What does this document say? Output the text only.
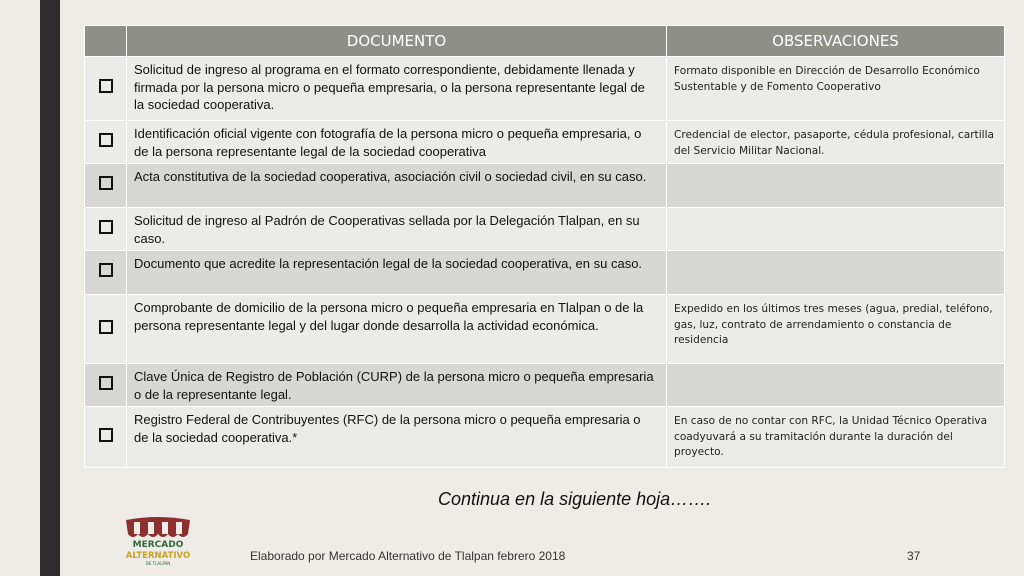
	DOCUMENTO	OBSERVACIONES
	Solicitud de ingreso al programa en el formato correspondiente, debidamente llenada y firmada por la persona micro o pequeña empresaria, o la persona representante legal de la sociedad cooperativa.	Formato disponible en Dirección de Desarrollo Económico Sustentable y de Fomento Cooperativo
	Identificación oficial vigente con fotografía de la persona micro o pequeña empresaria, o de la persona representante legal de la sociedad cooperativa	Credencial de elector, pasaporte, cédula profesional, cartilla del Servicio Militar Nacional.
	Acta constitutiva de la sociedad cooperativa, asociación civil o sociedad civil, en su caso.	
	Solicitud de ingreso al Padrón de Cooperativas sellada por la Delegación Tlalpan, en su caso.	
	Documento que acredite la representación legal de la sociedad cooperativa, en su caso.	
	Comprobante de domicilio de la persona micro o pequeña empresaria en Tlalpan o de la persona representante legal y del lugar donde desarrolla la actividad económica.	Expedido en los últimos tres meses (agua, predial, teléfono, gas, luz, contrato de arrendamiento o constancia de residencia
	Clave Única de Registro de Población (CURP) de la persona micro o pequeña empresaria o de la representante legal.	
	Registro Federal de Contribuyentes (RFC) de la persona micro o pequeña empresaria o de la sociedad cooperativa.*	En caso de no contar con RFC, la Unidad Técnico Operativa coadyuvará a su tramitación durante la duración del proyecto.
Continua en la siguiente hoja…….
MERCADO
ALTERNATIVO
DE TLALPAN
Elaborado por Mercado Alternativo de Tlalpan febrero 2018	37
